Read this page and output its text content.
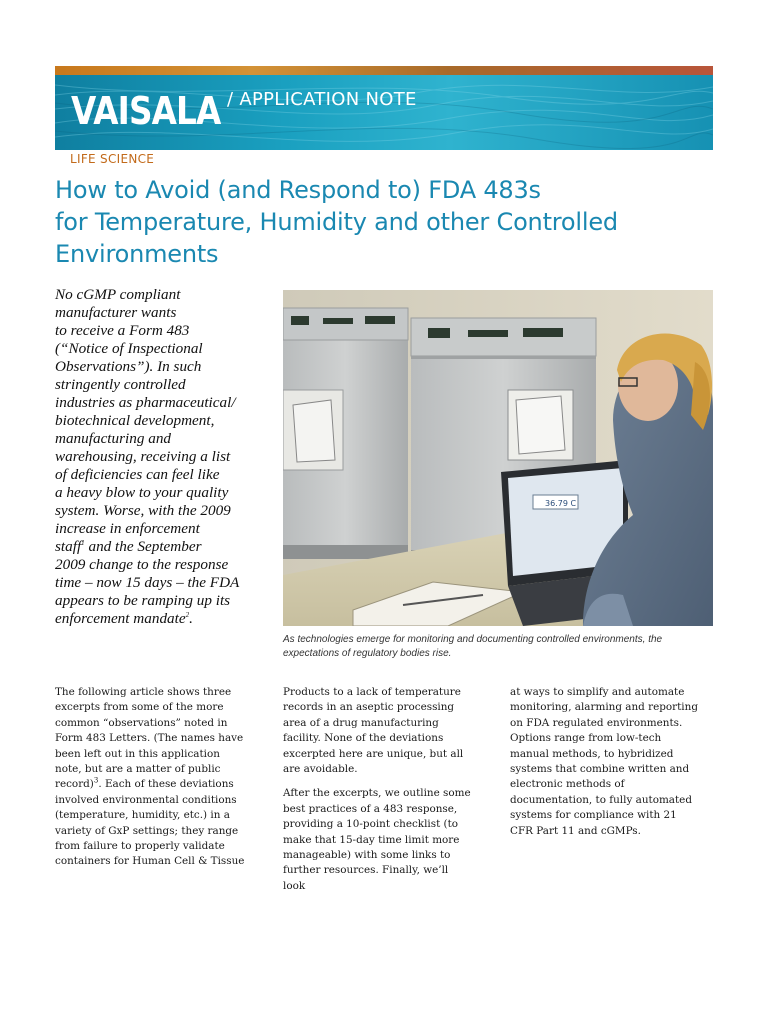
VAISALA / APPLICATION NOTE
LIFE SCIENCE
How to Avoid (and Respond to) FDA 483s
for Temperature, Humidity and other Controlled
Environments

No cGMP compliant
manufacturer wants
to receive a Form 483
(“Notice of Inspectional
Observations”). In such
stringently controlled
industries as pharmaceutical/
biotechnical development,
manufacturing and
warehousing, receiving a list
of deficiencies can feel like
a heavy blow to your quality
system. Worse, with the 2009
increase in enforcement
staff$^1$ and the September
2009 change to the response
time – now 15 days – the FDA
appears to be ramping up its
enforcement mandate$^2$.

36.79 C

As technologies emerge for monitoring and documenting controlled environments, the expectations of regulatory bodies rise.

The following article shows three excerpts from some of the more common “observations” noted in Form 483 Letters. (The names have been left out in this application note, but are a matter of public record)$^3$. Each of these deviations involved environmental conditions (temperature, humidity, etc.) in a variety of GxP settings; they range from failure to properly validate containers for Human Cell & Tissue

Products to a lack of temperature records in an aseptic processing area of a drug manufacturing facility. None of the deviations excerpted here are unique, but all are avoidable.

After the excerpts, we outline some best practices of a 483 response, providing a 10-point checklist (to make that 15-day time limit more manageable) with some links to further resources. Finally, we’ll look

at ways to simplify and automate monitoring, alarming and reporting on FDA regulated environments. Options range from low-tech manual methods, to hybridized systems that combine written and electronic methods of documentation, to fully automated systems for compliance with 21 CFR Part 11 and cGMPs.
